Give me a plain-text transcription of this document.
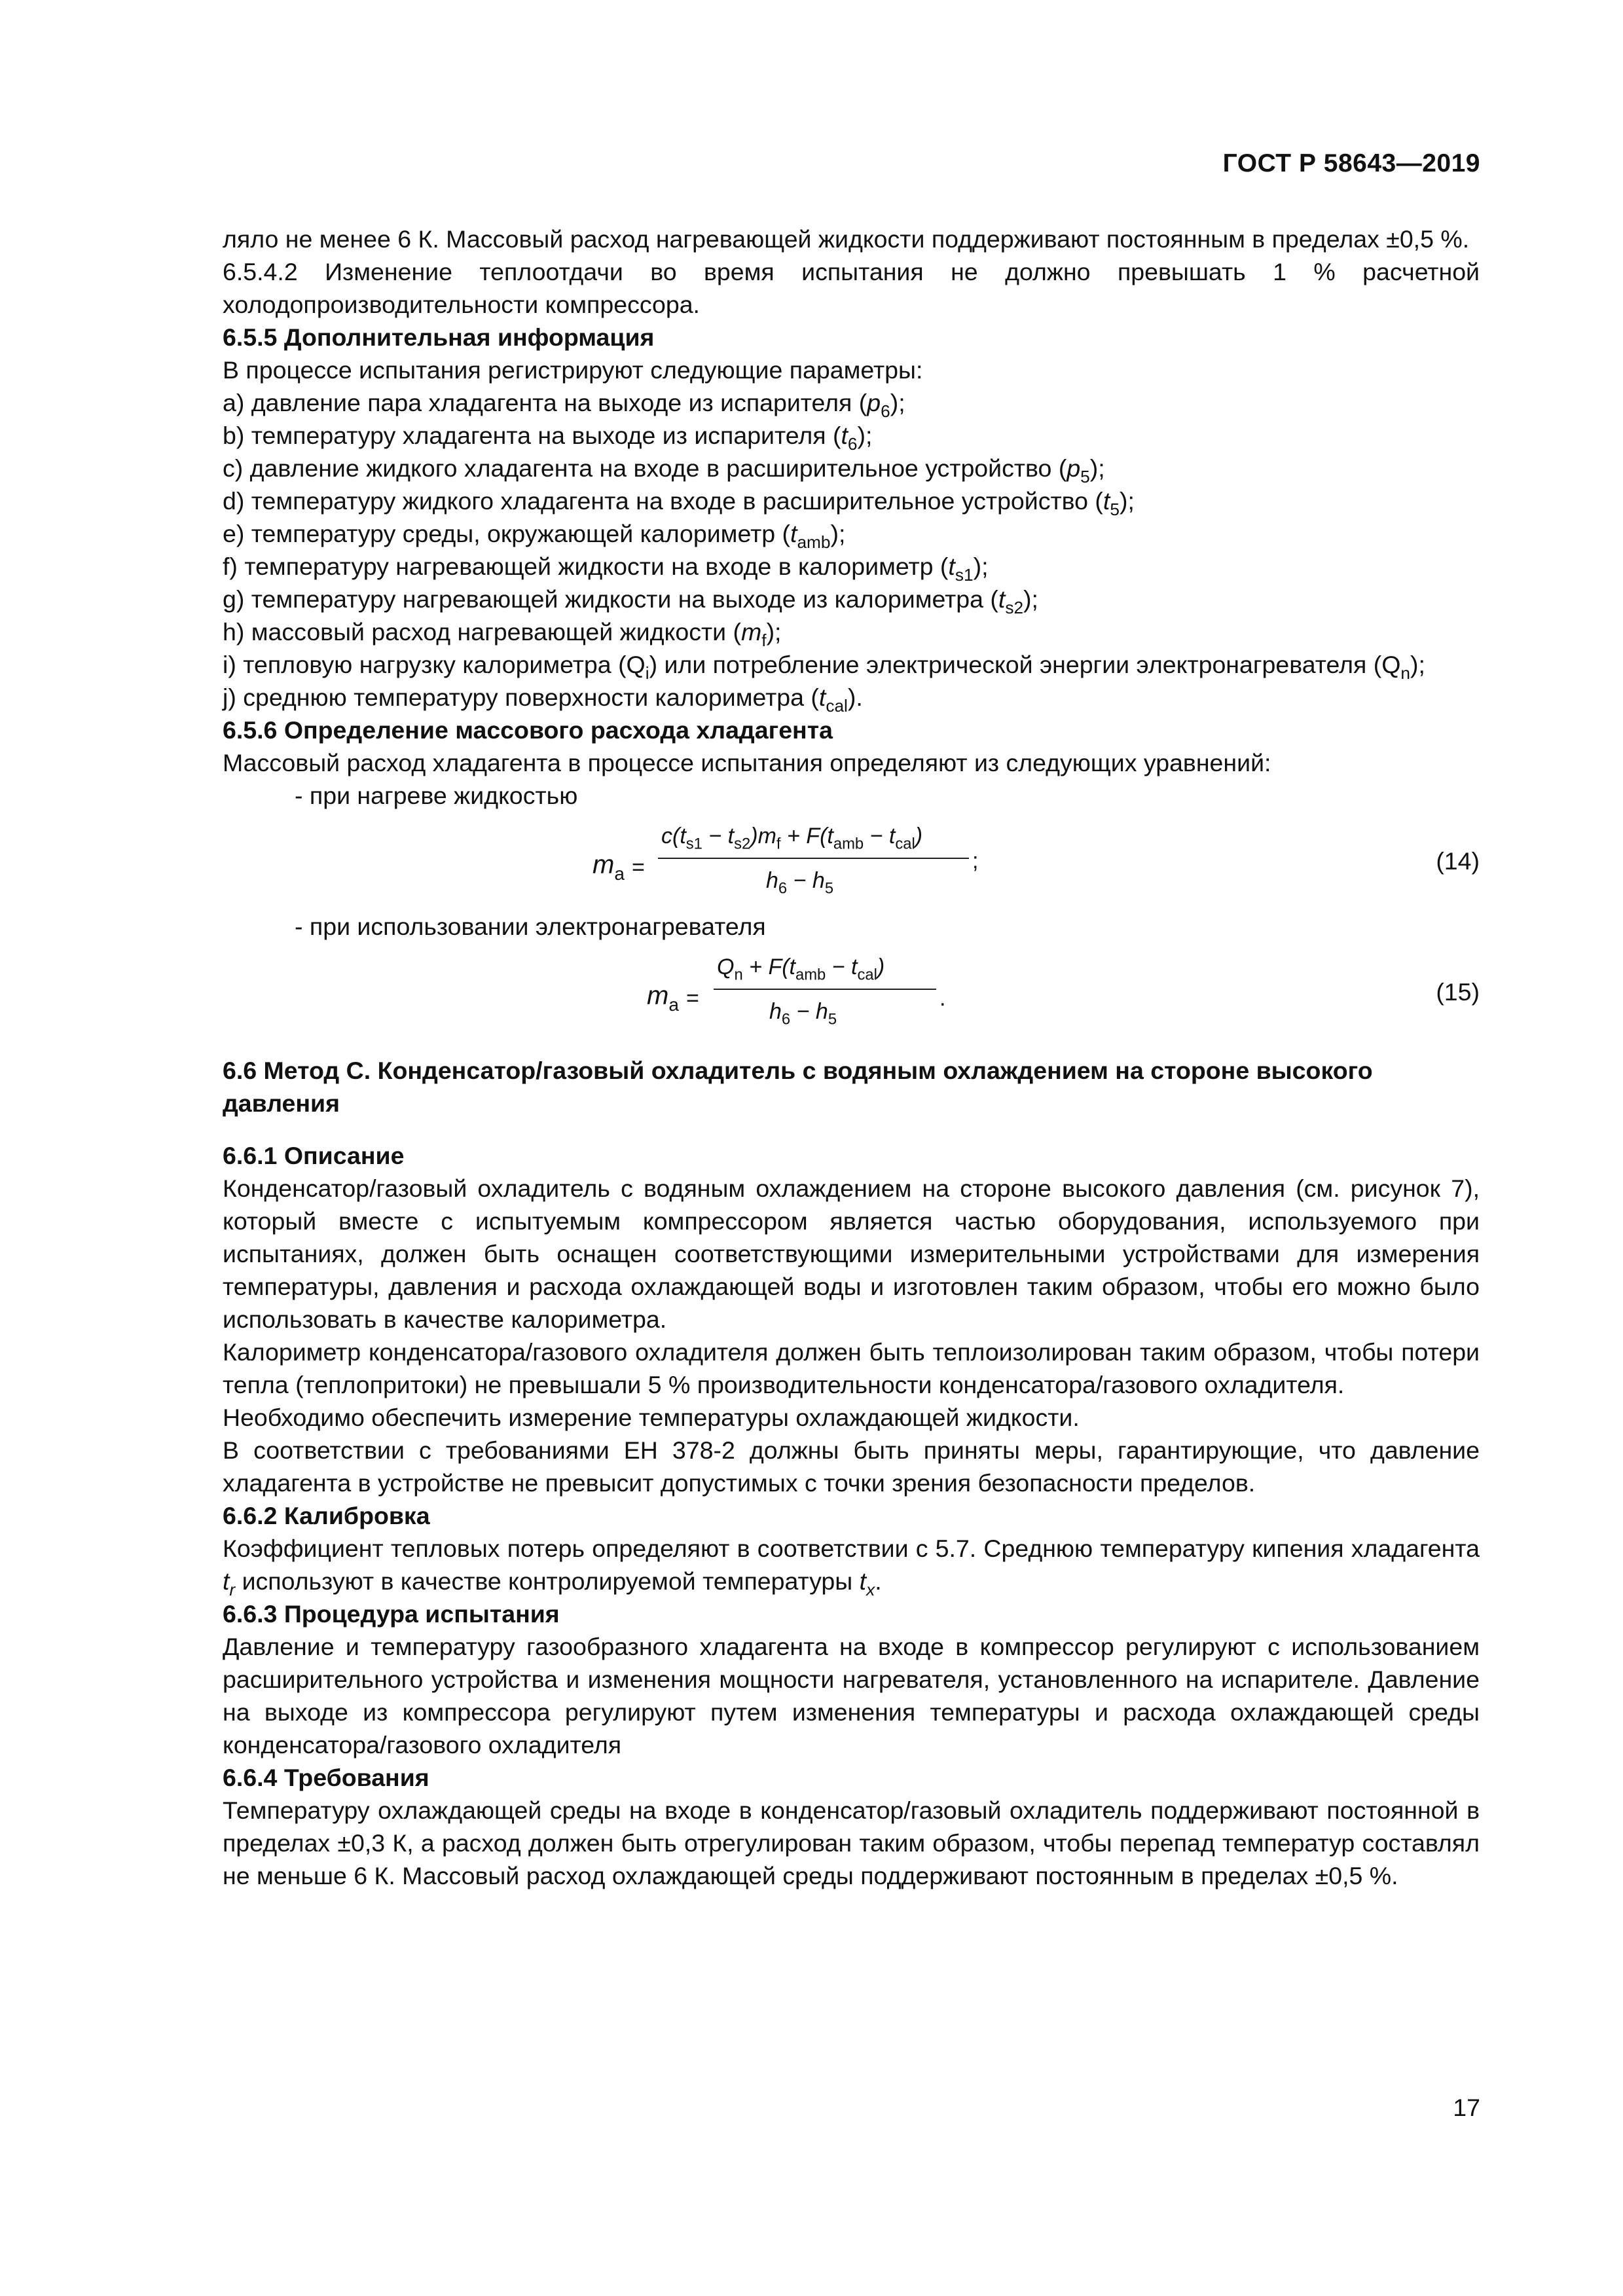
ГОСТ Р 58643—2019

ляло не менее 6 К. Массовый расход нагревающей жидкости поддерживают постоянным в пределах ±0,5 %.

6.5.4.2 Изменение теплоотдачи во время испытания не должно превышать 1 % расчетной холодопроизводительности компрессора.

6.5.5 Дополнительная информация

В процессе испытания регистрируют следующие параметры:

а) давление пара хладагента на выходе из испарителя $(p_6)$;

b) температуру хладагента на выходе из испарителя $(t_6)$;

c) давление жидкого хладагента на входе в расширительное устройство $(p_5)$;

d) температуру жидкого хладагента на входе в расширительное устройство $(t_5)$;

e) температуру среды, окружающей калориметр $(t_{amb})$;

f) температуру нагревающей жидкости на входе в калориметр $(t_{s1})$;

g) температуру нагревающей жидкости на выходе из калориметра $(t_{s2})$;

h) массовый расход нагревающей жидкости $(m_f)$;

i) тепловую нагрузку калориметра $(Q_i)$ или потребление электрической энергии электронагревателя $(Q_n)$;

j) среднюю температуру поверхности калориметра $(t_{cal})$.

6.5.6 Определение массового расхода хладагента

Массовый расход хладагента в процессе испытания определяют из следующих уравнений:

- при нагреве жидкостью

$m_a$ =
$c(t_{s1} - t_{s2})m_f + F(t_{amb} - t_{cal})$
$h_6 - h_5$
;	(14)

- при использовании электронагревателя

$m_a$ =
$Q_n + F(t_{amb} - t_{cal})$
$h_6 - h_5$
.	(15)

6.6 Метод С. Конденсатор/газовый охладитель с водяным охлаждением на стороне высокого давления

6.6.1 Описание

Конденсатор/газовый охладитель с водяным охлаждением на стороне высокого давления (см. рисунок 7), который вместе с испытуемым компрессором является частью оборудования, используемого при испытаниях, должен быть оснащен соответствующими измерительными устройствами для измерения температуры, давления и расхода охлаждающей воды и изготовлен таким образом, чтобы его можно было использовать в качестве калориметра.

Калориметр конденсатора/газового охладителя должен быть теплоизолирован таким образом, чтобы потери тепла (теплопритоки) не превышали 5 % производительности конденсатора/газового охладителя.

Необходимо обеспечить измерение температуры охлаждающей жидкости.

В соответствии с требованиями ЕН 378-2 должны быть приняты меры, гарантирующие, что давление хладагента в устройстве не превысит допустимых с точки зрения безопасности пределов.

6.6.2 Калибровка

Коэффициент тепловых потерь определяют в соответствии с 5.7. Среднюю температуру кипения хладагента $t_r$ используют в качестве контролируемой температуры $t_x$.

6.6.3 Процедура испытания

Давление и температуру газообразного хладагента на входе в компрессор регулируют с использованием расширительного устройства и изменения мощности нагревателя, установленного на испарителе. Давление на выходе из компрессора регулируют путем изменения температуры и расхода охлаждающей среды конденсатора/газового охладителя

6.6.4 Требования

Температуру охлаждающей среды на входе в конденсатор/газовый охладитель поддерживают постоянной в пределах ±0,3 К, а расход должен быть отрегулирован таким образом, чтобы перепад температур составлял не меньше 6 К. Массовый расход охлаждающей среды поддерживают постоянным в пределах ±0,5 %.

17
